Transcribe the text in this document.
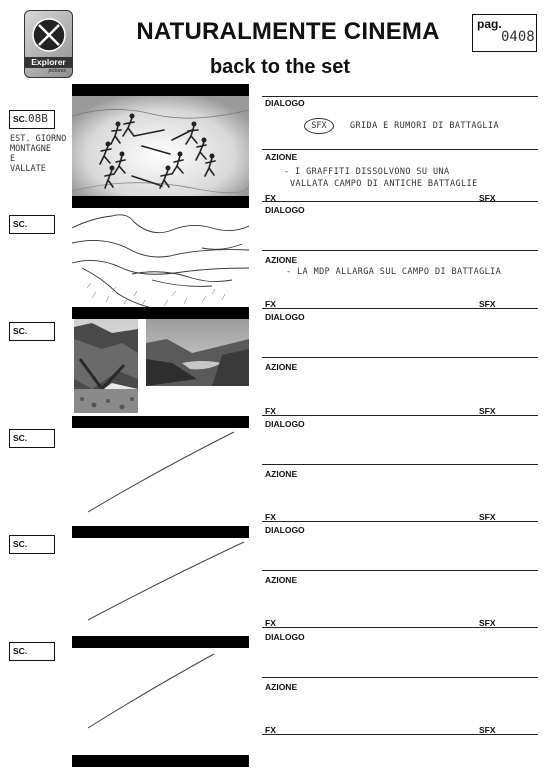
Explorer
pictures
NATURALMENTE CINEMA
back to the set
pag.
0408
SC. 08B
SC.
SC.
SC.
SC.
SC.
EST. GIORNO
MONTAGNE
E
VALLATE
DIALOGO
SFX	GRIDA E RUMORI DI BATTAGLIA
AZIONE
- I GRAFFITI DISSOLVONO SU UNA
VALLATA CAMPO DI ANTICHE BATTAGLIE
FX	SFX
DIALOGO
AZIONE
- LA MDP ALLARGA SUL CAMPO DI BATTAGLIA
FX	SFX
DIALOGO
AZIONE
FX	SFX
DIALOGO
AZIONE
FX	SFX
DIALOGO
AZIONE
FX	SFX
DIALOGO
AZIONE
FX	SFX
